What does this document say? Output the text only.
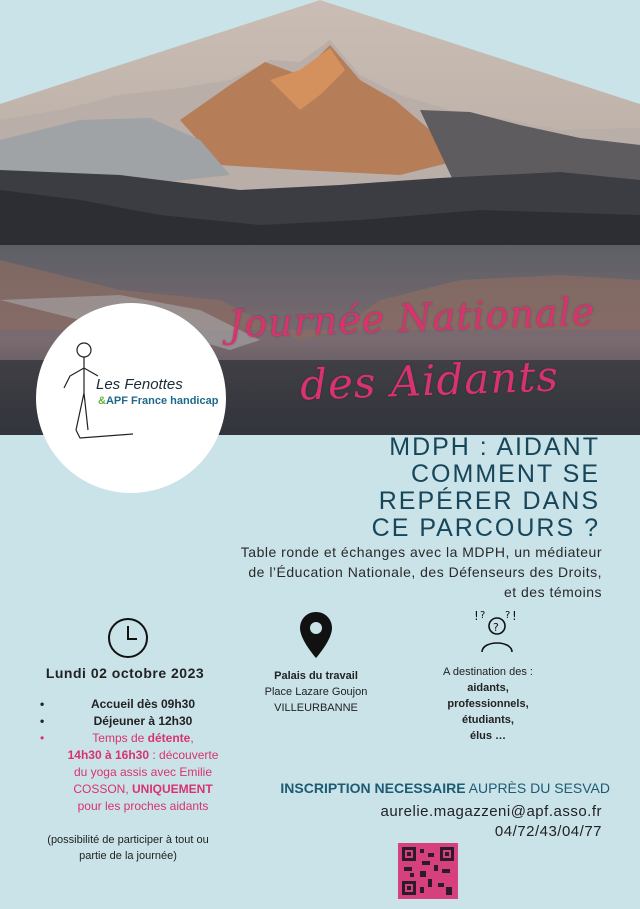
Journée Nationale
des Aidants
Les Fenottes
&APF France handicap
MDPH : AIDANT
COMMENT SE
REPÉRER DANS
CE PARCOURS ?
Table ronde et échanges avec la MDPH, un médiateur
de l’Éducation Nationale, des Défenseurs des Droits,
et des témoins
! ? !
?
?
Lundi 02 octobre 2023
•	Accueil dès 09h30
•	Déjeuner à 12h30
•	Temps de détente,
14h30 à 16h30 : découverte
du yoga assis avec Emilie
COSSON, UNIQUEMENT
pour les proches aidants
(possibilité de participer à tout ou
partie de la journée)
Palais du travail
Place Lazare Goujon
VILLEURBANNE
A destination des :
aidants,
professionnels,
étudiants,
élus …
INSCRIPTION NECESSAIRE AUPRÈS DU SESVAD
aurelie.magazzeni@apf.asso.fr
04/72/43/04/77
